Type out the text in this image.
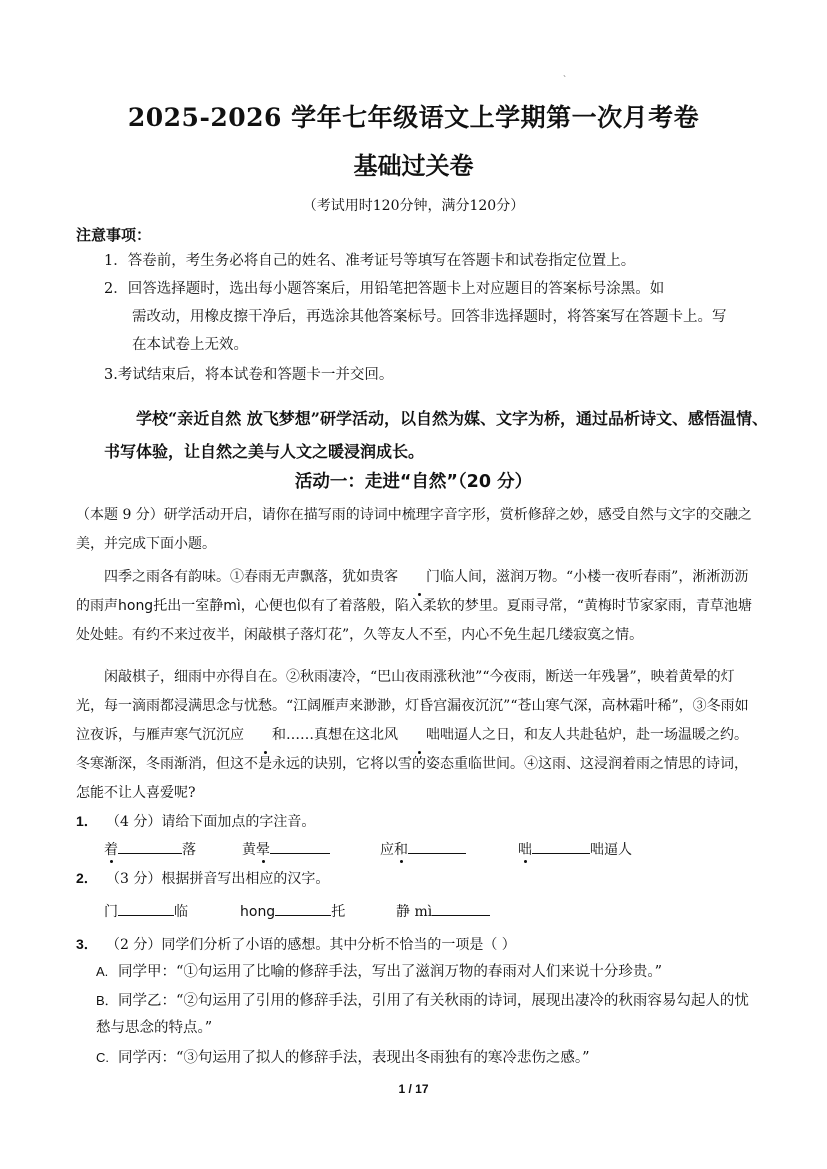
、
2025-2026 学年七年级语文上学期第一次月考卷
基础过关卷
（考试用时120分钟，满分120分）
注意事项：
1．答卷前，考生务必将自己的姓名、准考证号等填写在答题卡和试卷指定位置上。
2．回答选择题时，选出每小题答案后，用铅笔把答题卡上对应题目的答案标号涂黑。如
需改动，用橡皮擦干净后，再选涂其他答案标号。回答非选择题时，将答案写在答题卡上。写
在本试卷上无效。
3.考试结束后，将本试卷和答题卡一并交回。
学校“亲近自然 放飞梦想”研学活动，以自然为媒、文字为桥，通过品析诗文、感悟温情、书写体验，让自然之美与人文之暖浸润成长。
活动一：走进“自然”（20 分）
（本题 9 分）研学活动开启，请你在描写雨的诗词中梳理字音字形，赏析修辞之妙，感受自然与文字的交融之美，并完成下面小题。
四季之雨各有韵味。①春雨无声飘落，犹如贵客 门临人间，滋润万物。“小楼一夜听春雨”，淅淅沥沥的雨声hong托出一室静mì，心便也似有了着落般，陷入柔软的梦里。夏雨寻常，“黄梅时节家家雨，青草池塘处处蛙。有约不来过夜半，闲敲棋子落灯花”，久等友人不至，内心不免生起几缕寂寞之情。
闲敲棋子，细雨中亦得自在。②秋雨凄冷，“巴山夜雨涨秋池”“今夜雨，断送一年残暑”，映着黄晕的灯光，每一滴雨都浸满思念与忧愁。“江阔雁声来渺渺，灯昏宫漏夜沉沉”“苍山寒气深，高林霜叶稀”，③冬雨如泣夜诉，与雁声寒气沉沉应 和……真想在这北风 咄咄逼人之日，和友人共赴毡炉，赴一场温暖之约。冬寒渐深，冬雨渐消，但这不是永远的诀别，它将以雪的姿态重临世间。④这雨、这浸润着雨之情思的诗词，怎能不让人喜爱呢?
1． （4 分）请给下面加点的字注音。
着	落	黄晕	应和	咄	咄逼人
2． （3 分）根据拼音写出相应的汉字。
门	临	hong	托	静 mì
3． （2 分）同学们分析了小语的感想。其中分析不恰当的一项是（ ）
A. 同学甲：“①句运用了比喻的修辞手法，写出了滋润万物的春雨对人们来说十分珍贵。”
B．同学乙：“②句运用了引用的修辞手法，引用了有关秋雨的诗词，展现出凄冷的秋雨容易勾起人的忧
愁与思念的特点。”
C. 同学丙：“③句运用了拟人的修辞手法，表现出冬雨独有的寒冷悲伤之感。”
1 / 17
